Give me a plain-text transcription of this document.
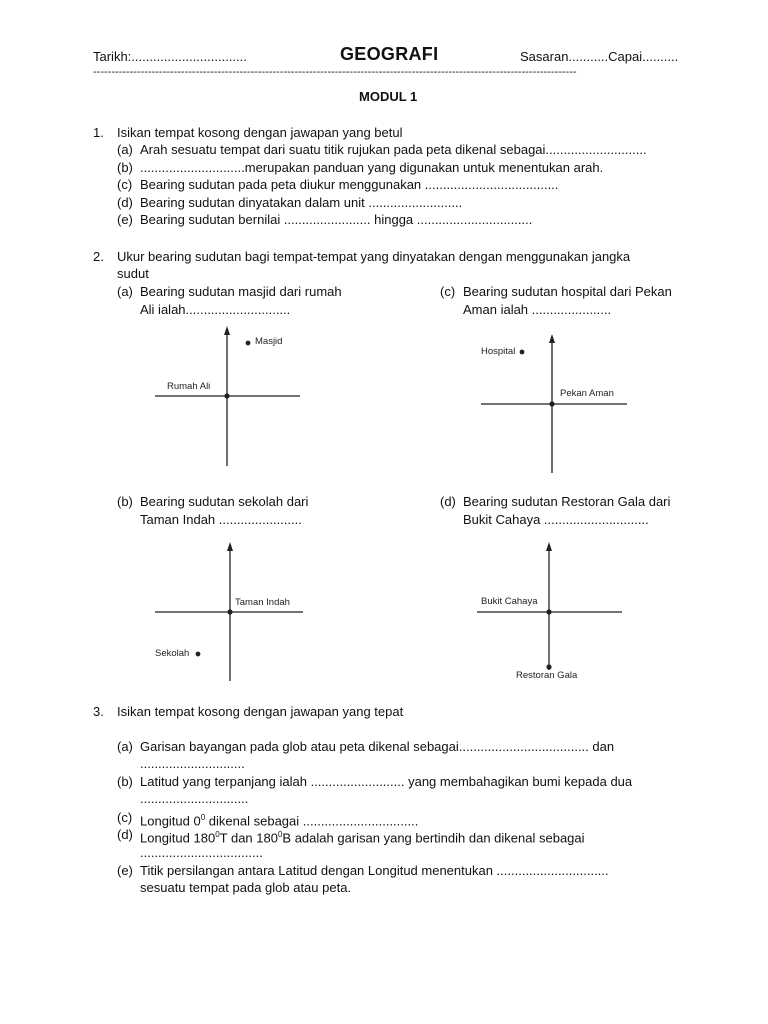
Tarikh:................................	GEOGRAFI	Sasaran...........Capai..........
------------------------------------------------------------------------------------------------------------------------------------
MODUL 1
1. Isikan tempat kosong dengan jawapan yang betul
(a) Arah sesuatu tempat dari suatu titik rujukan pada peta dikenal sebagai............................
(b) .............................merupakan panduan yang digunakan untuk menentukan arah.
(c) Bearing sudutan pada peta diukur menggunakan .....................................
(d) Bearing sudutan dinyatakan dalam unit ..........................
(e) Bearing sudutan bernilai ........................ hingga ................................
2. Ukur bearing sudutan bagi tempat-tempat yang dinyatakan dengan menggunakan jangka
sudut
(a) Bearing sudutan masjid dari rumah
Ali ialah.............................
(c) Bearing sudutan hospital dari Pekan
Aman ialah ......................
Rumah Ali
Masjid
Hospital
Pekan Aman
(b) Bearing sudutan sekolah dari
Taman Indah .......................
(d) Bearing sudutan Restoran Gala dari
Bukit Cahaya .............................
Taman Indah
Sekolah
Bukit Cahaya
Restoran Gala
3. Isikan tempat kosong dengan jawapan yang tepat
(a) Garisan bayangan pada glob atau peta dikenal sebagai.................................... dan
.............................
(b) Latitud yang terpanjang ialah .......................... yang membahagikan bumi kepada dua
..............................
(c) Longitud $0^0$ dikenal sebagai ................................
(d) Longitud $180^0T$ dan $180^0B$ adalah garisan yang bertindih dan dikenal sebagai
..................................
(e) Titik persilangan antara Latitud dengan Longitud menentukan ...............................
sesuatu tempat pada glob atau peta.
